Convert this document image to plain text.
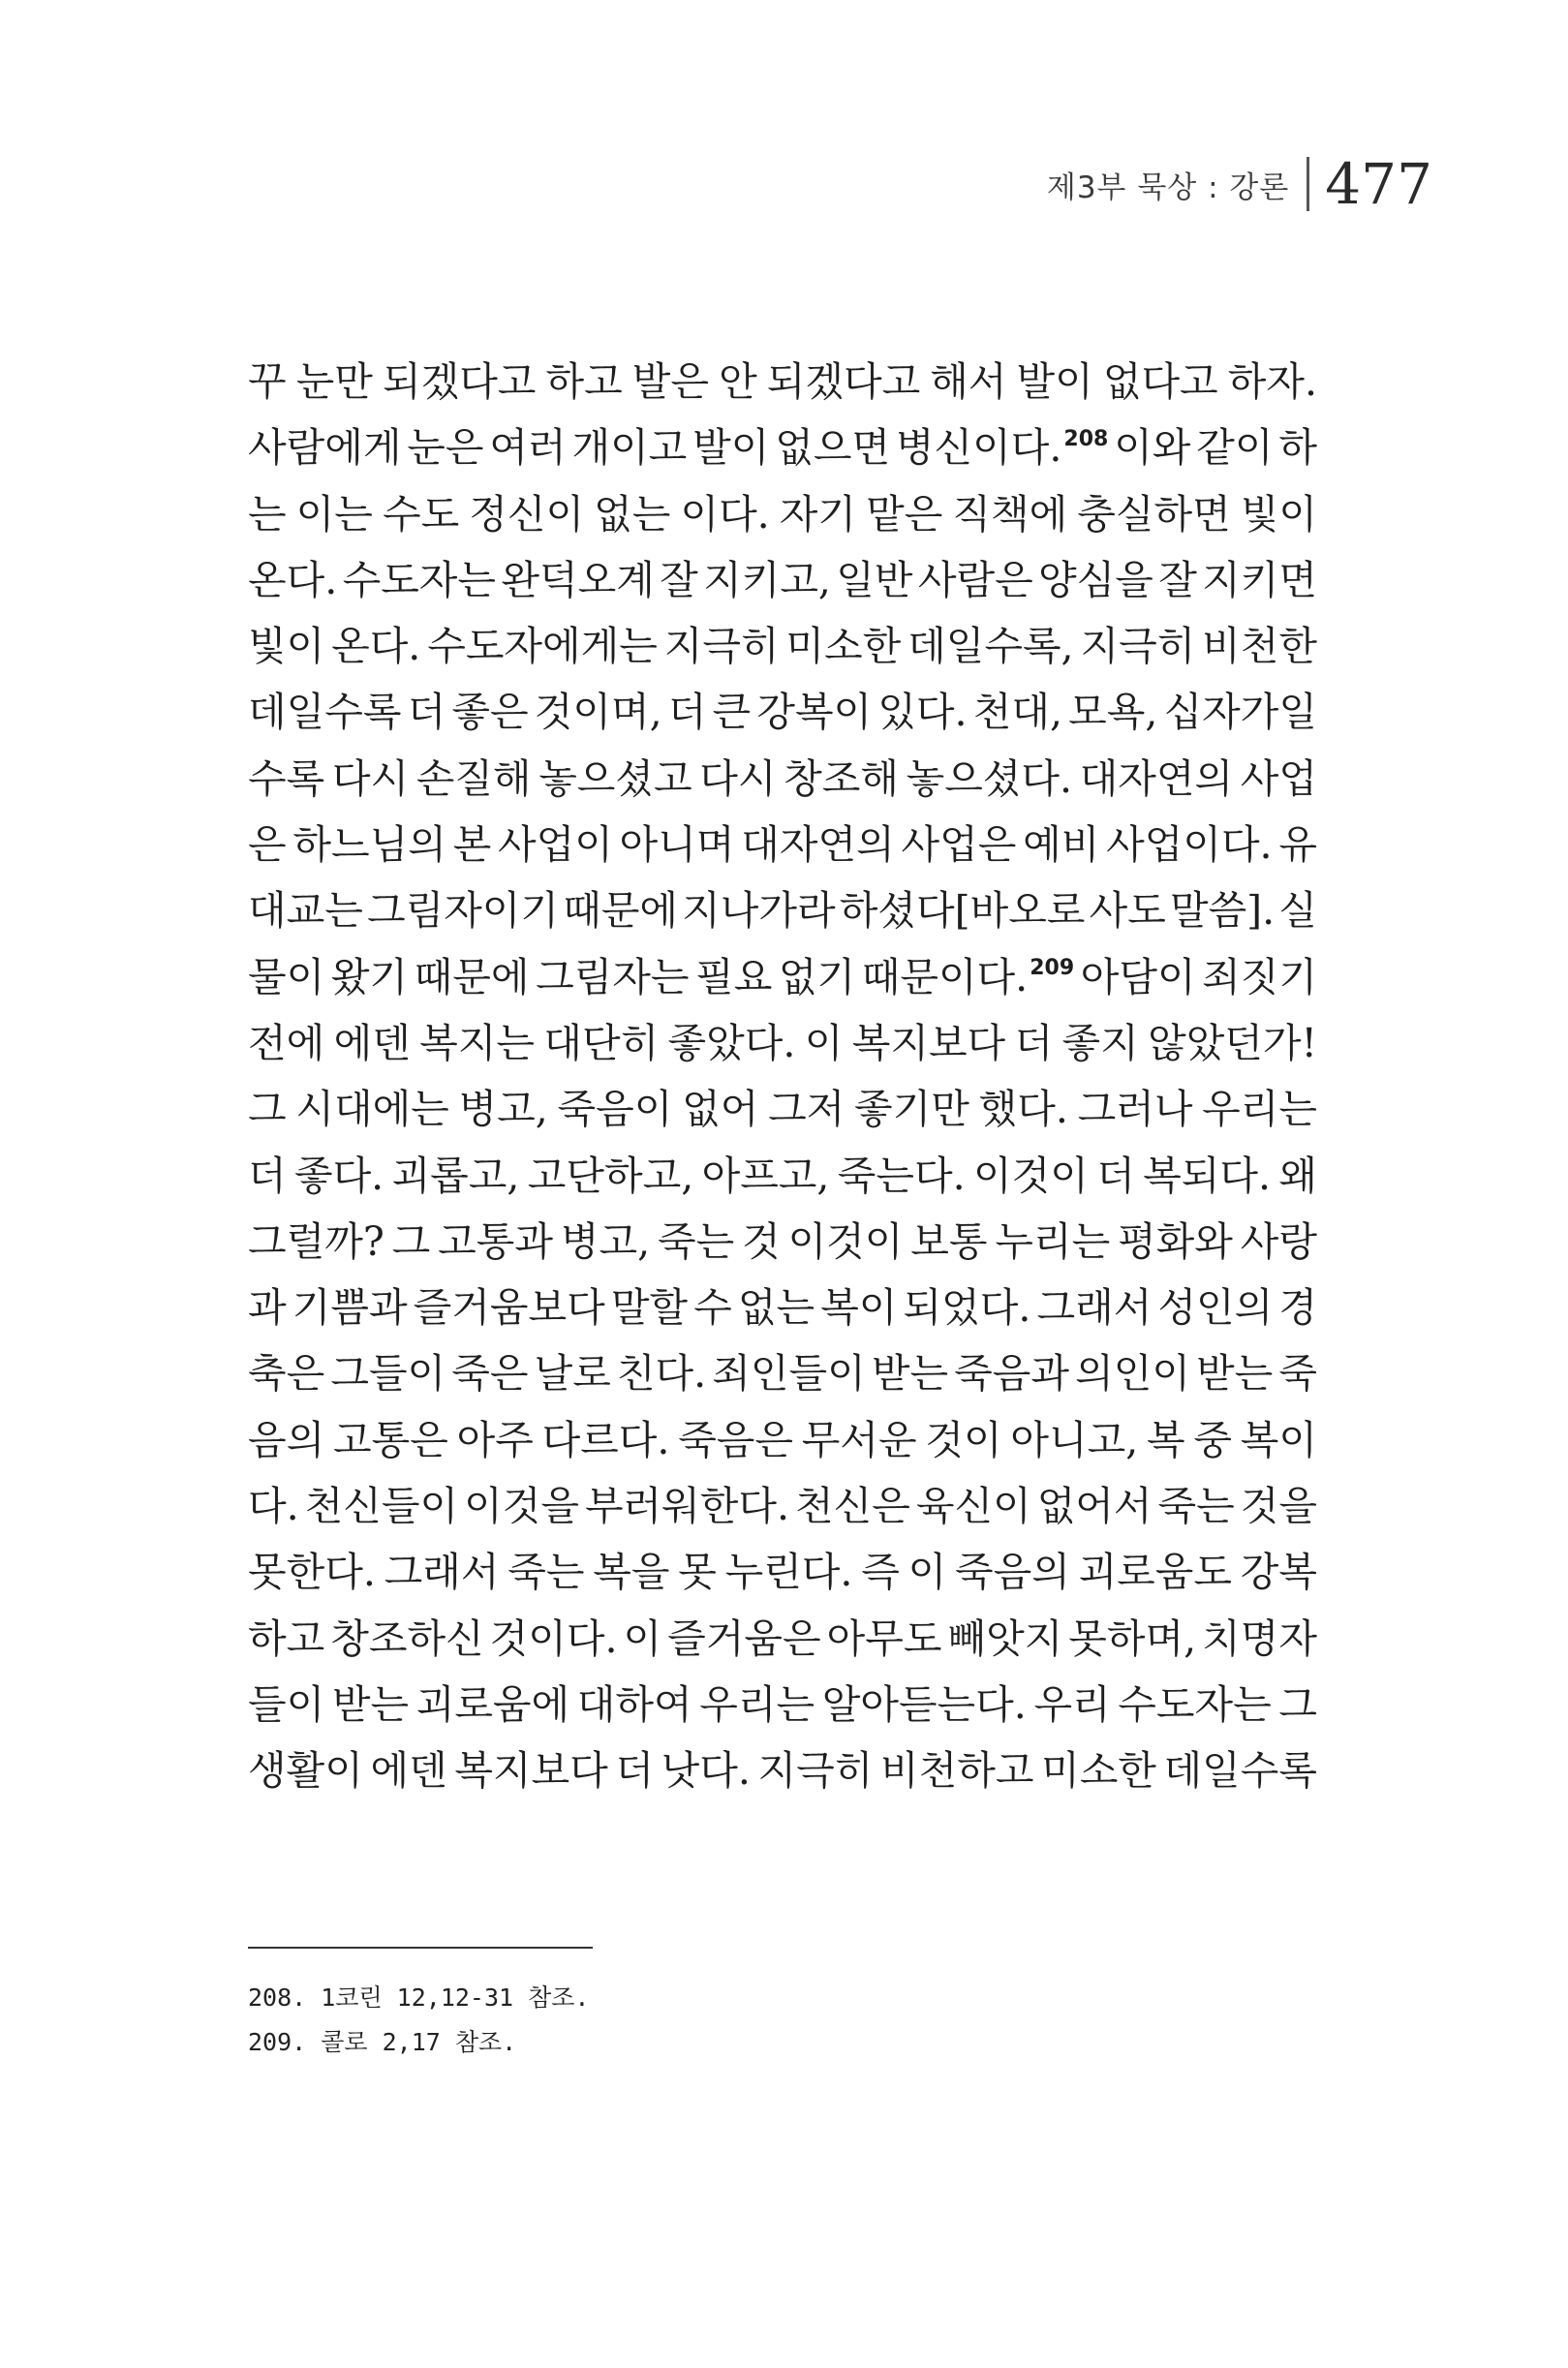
제3부 묵상 : 강론 477
꾸 눈만 되겠다고 하고 발은 안 되겠다고 해서 발이 없다고 하자.
사람에게 눈은 여러 개이고 발이 없으면 병신이다.$^{208}$ 이와 같이 하
는 이는 수도 정신이 없는 이다. 자기 맡은 직책에 충실하면 빛이
온다. 수도자는 완덕오계 잘 지키고, 일반 사람은 양심을 잘 지키면
빛이 온다. 수도자에게는 지극히 미소한 데일수록, 지극히 비천한
데일수록 더 좋은 것이며, 더 큰 강복이 있다. 천대, 모욕, 십자가일
수록 다시 손질해 놓으셨고 다시 창조해 놓으셨다. 대자연의 사업
은 하느님의 본 사업이 아니며 대자연의 사업은 예비 사업이다. 유
대교는 그림자이기 때문에 지나가라 하셨다[바오로 사도 말씀]. 실
물이 왔기 때문에 그림자는 필요 없기 때문이다.$^{209}$ 아담이 죄짓기
전에 에덴 복지는 대단히 좋았다. 이 복지보다 더 좋지 않았던가!
그 시대에는 병고, 죽음이 없어 그저 좋기만 했다. 그러나 우리는
더 좋다. 괴롭고, 고단하고, 아프고, 죽는다. 이것이 더 복되다. 왜
그럴까? 그 고통과 병고, 죽는 것 이것이 보통 누리는 평화와 사랑
과 기쁨과 즐거움보다 말할 수 없는 복이 되었다. 그래서 성인의 경
축은 그들이 죽은 날로 친다. 죄인들이 받는 죽음과 의인이 받는 죽
음의 고통은 아주 다르다. 죽음은 무서운 것이 아니고, 복 중 복이
다. 천신들이 이것을 부러워한다. 천신은 육신이 없어서 죽는 것을
못한다. 그래서 죽는 복을 못 누린다. 즉 이 죽음의 괴로움도 강복
하고 창조하신 것이다. 이 즐거움은 아무도 빼앗지 못하며, 치명자
들이 받는 괴로움에 대하여 우리는 알아듣는다. 우리 수도자는 그
생활이 에덴 복지보다 더 낫다. 지극히 비천하고 미소한 데일수록
208. 1코린 12,12-31 참조.
209. 콜로 2,17 참조.
